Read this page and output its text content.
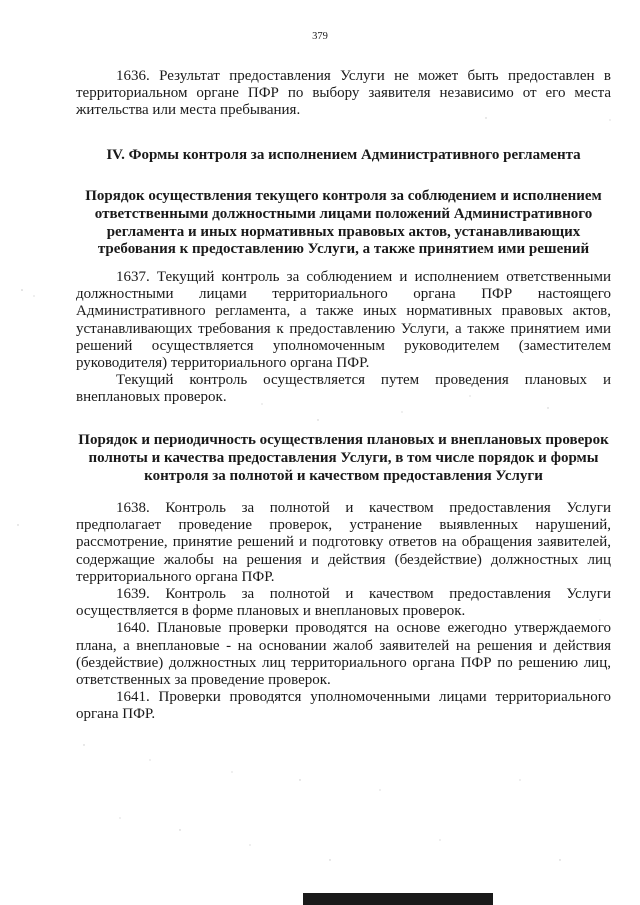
379

1636. Результат предоставления Услуги не может быть предоставлен в территориальном органе ПФР по выбору заявителя независимо от его места жительства или места пребывания.

IV. Формы контроля за исполнением Административного регламента

Порядок осуществления текущего контроля за соблюдением и исполнением ответственными должностными лицами положений Административного регламента и иных нормативных правовых актов, устанавливающих требования к предоставлению Услуги, а также принятием ими решений

1637. Текущий контроль за соблюдением и исполнением ответственными должностными лицами территориального органа ПФР настоящего Административного регламента, а также иных нормативных правовых актов, устанавливающих требования к предоставлению Услуги, а также принятием ими решений осуществляется уполномоченным руководителем (заместителем руководителя) территориального органа ПФР.

Текущий контроль осуществляется путем проведения плановых и внеплановых проверок.

Порядок и периодичность осуществления плановых и внеплановых проверок полноты и качества предоставления Услуги, в том числе порядок и формы контроля за полнотой и качеством предоставления Услуги

1638. Контроль за полнотой и качеством предоставления Услуги предполагает проведение проверок, устранение выявленных нарушений, рассмотрение, принятие решений и подготовку ответов на обращения заявителей, содержащие жалобы на решения и действия (бездействие) должностных лиц территориального органа ПФР.

1639. Контроль за полнотой и качеством предоставления Услуги осуществляется в форме плановых и внеплановых проверок.

1640. Плановые проверки проводятся на основе ежегодно утверждаемого плана, а внеплановые - на основании жалоб заявителей на решения и действия (бездействие) должностных лиц территориального органа ПФР по решению лиц, ответственных за проведение проверок.

1641. Проверки проводятся уполномоченными лицами территориального органа ПФР.
